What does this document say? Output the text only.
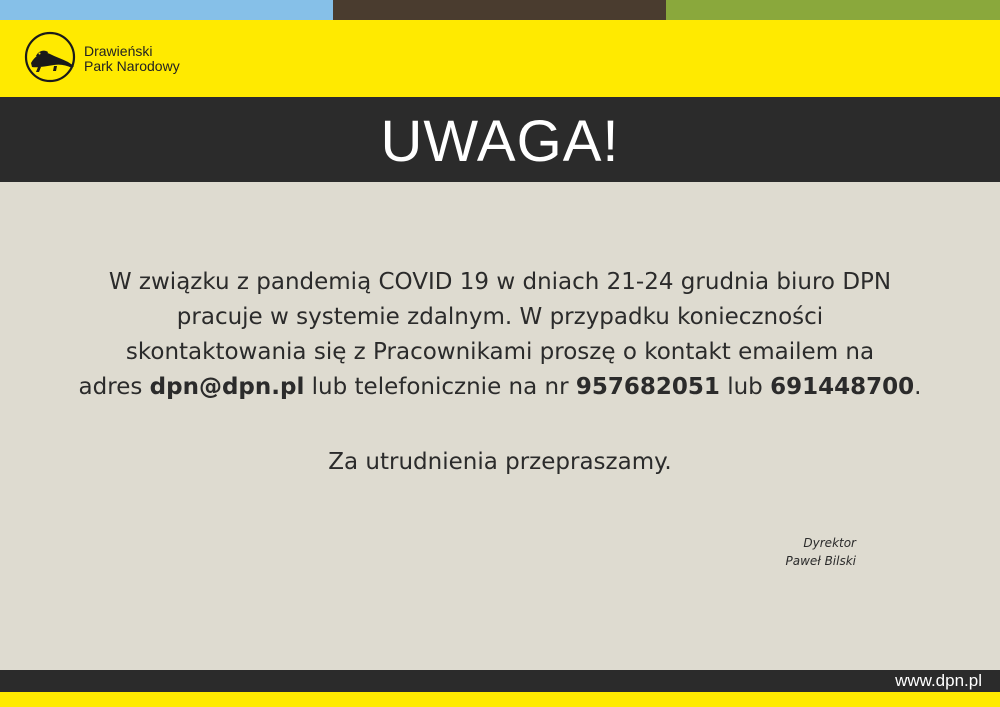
Drawieński
Park Narodowy
UWAGA!
W związku z pandemią COVID 19 w dniach 21-24 grudnia biuro DPN
pracuje w systemie zdalnym. W przypadku konieczności
skontaktowania się z Pracownikami proszę o kontakt emailem na
adres dpn@dpn.pl lub telefonicznie na nr 957682051 lub 691448700.
Za utrudnienia przepraszamy.
Dyrektor
Paweł Bilski
www.dpn.pl
